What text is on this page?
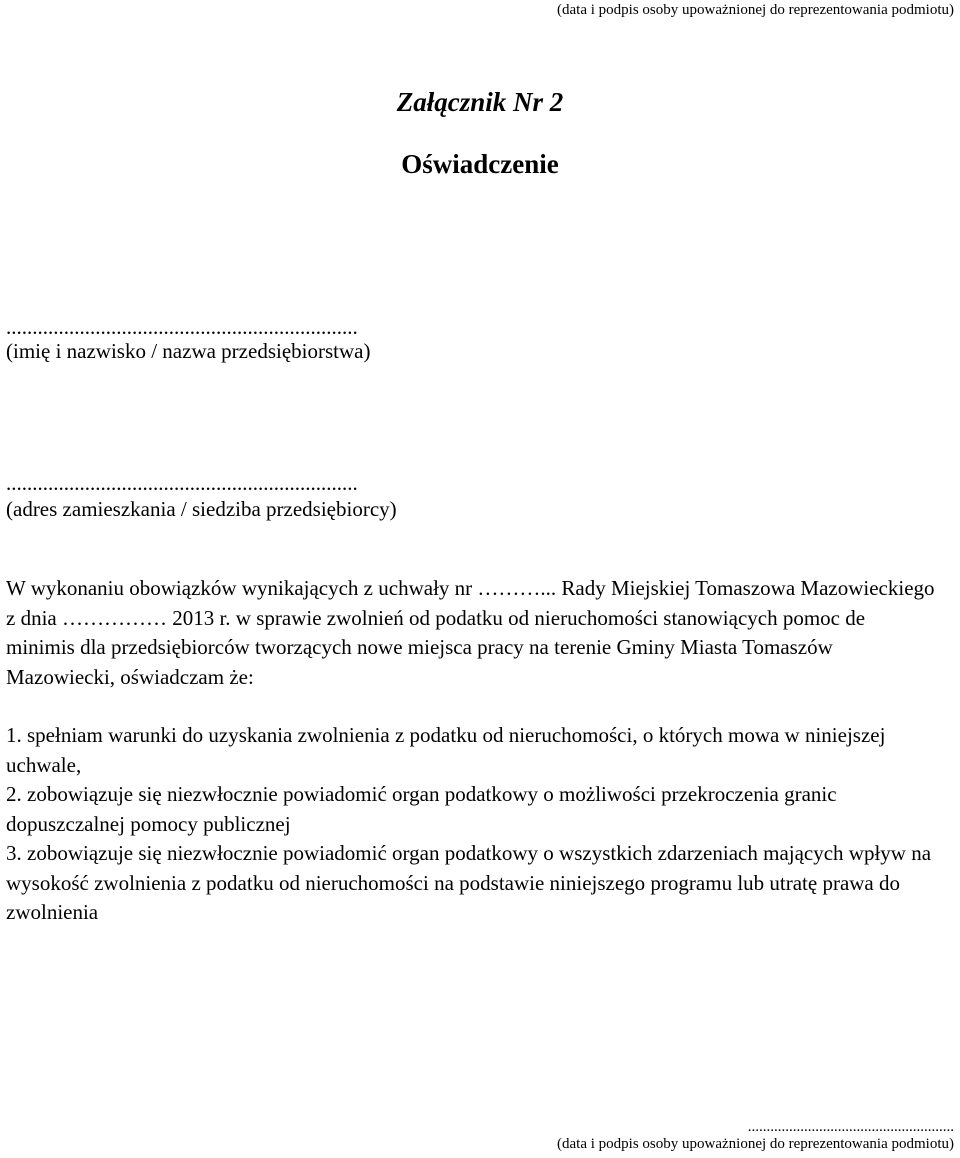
(data i podpis osoby upoważnionej do reprezentowania podmiotu)
Załącznik Nr 2
Oświadczenie
...................................................................
(imię i nazwisko / nazwa przedsiębiorstwa)
...................................................................
(adres zamieszkania / siedziba przedsiębiorcy)

W wykonaniu obowiązków wynikających z uchwały nr ………... Rady Miejskiej Tomaszowa Mazowieckiego z dnia …………… 2013 r. w sprawie zwolnień od podatku od nieruchomości stanowiących pomoc de minimis dla przedsiębiorców tworzących nowe miejsca pracy na terenie Gminy Miasta Tomaszów Mazowiecki, oświadczam że:

1. spełniam warunki do uzyskania zwolnienia z podatku od nieruchomości, o których mowa w niniejszej uchwale,

2. zobowiązuje się niezwłocznie powiadomić organ podatkowy o możliwości przekroczenia granic dopuszczalnej pomocy publicznej

3. zobowiązuje się niezwłocznie powiadomić organ podatkowy o wszystkich zdarzeniach mających wpływ na wysokość zwolnienia z podatku od nieruchomości na podstawie niniejszego programu lub utratę prawa do zwolnienia

.......................................................
(data i podpis osoby upoważnionej do reprezentowania podmiotu)
